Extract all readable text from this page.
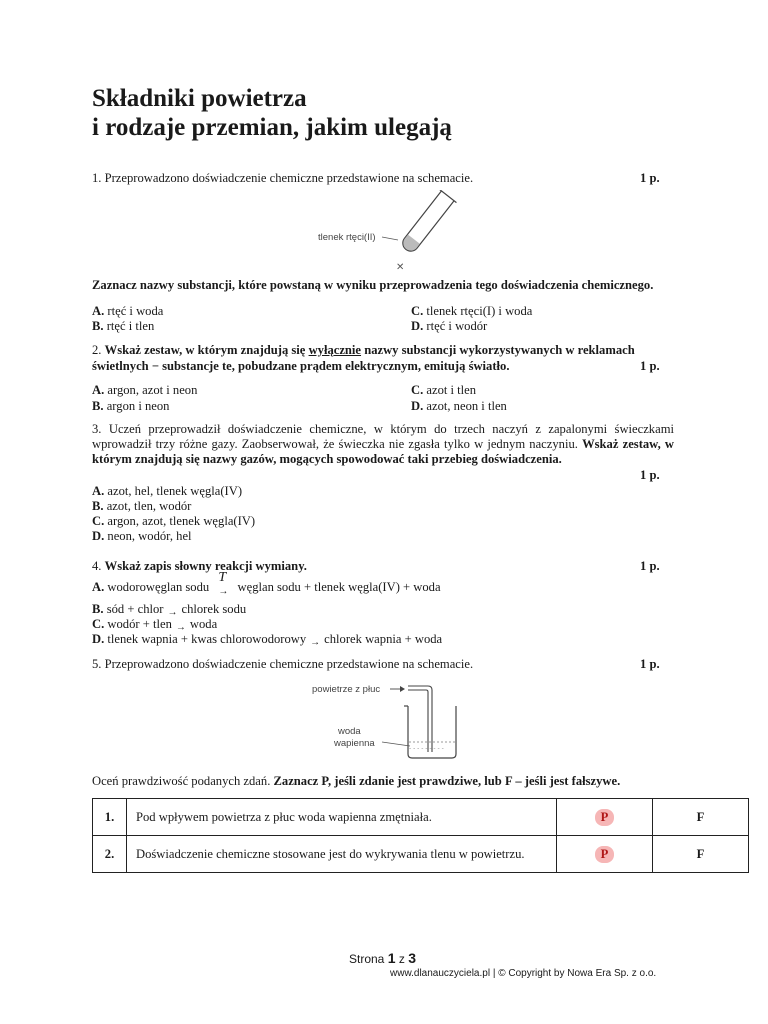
Składniki powietrza
i rodzaje przemian, jakim ulegają
1. Przeprowadzono doświadczenie chemiczne przedstawione na schemacie.	1 p.
tlenek rtęci(II)
✕
Zaznacz nazwy substancji, które powstaną w wyniku przeprowadzenia tego doświadczenia chemicznego.
A. rtęć i woda
B. rtęć i tlen
C. tlenek rtęci(I) i woda
D. rtęć i wodór
2. Wskaż zestaw, w którym znajdują się wyłącznie nazwy substancji wykorzystywanych w reklamach
świetlnych − substancje te, pobudzane prądem elektrycznym, emitują światło.	1 p.
A. argon, azot i neon
B. argon i neon
C. azot i tlen
D. azot, neon i tlen
3. Uczeń przeprowadził doświadczenie chemiczne, w którym do trzech naczyń z zapalonymi świeczkami wprowadził trzy różne gazy. Zaobserwował, że świeczka nie zgasła tylko w jednym naczyniu. Wskaż zestaw, w którym znajdują się nazwy gazów, mogących spowodować taki przebieg doświadczenia.
1 p.
A. azot, hel, tlenek węgla(IV)
B. azot, tlen, wodór
C. argon, azot, tlenek węgla(IV)
D. neon, wodór, hel
4. Wskaż zapis słowny reakcji wymiany.	1 p.
A. wodorowęglan sodu
T
$_\to$ węglan sodu + tlenek węgla(IV) + woda
B. sód + chlor → chlorek sodu
C. wodór + tlen → woda
D. tlenek wapnia + kwas chlorowodorowy → chlorek wapnia + woda
5. Przeprowadzono doświadczenie chemiczne przedstawione na schemacie.	1 p.
powietrze z płuc
- - - - - - - - -
woda
wapienna
Oceń prawdziwość podanych zdań. Zaznacz P, jeśli zdanie jest prawdziwe, lub F – jeśli jest fałszywe.
1.	Pod wpływem powietrza z płuc woda wapienna zmętniała.	P	F
2.	Doświadczenie chemiczne stosowane jest do wykrywania tlenu w powietrzu.	P	F
Strona 1 z 3
www.dlanauczyciela.pl | © Copyright by Nowa Era Sp. z o.o.
